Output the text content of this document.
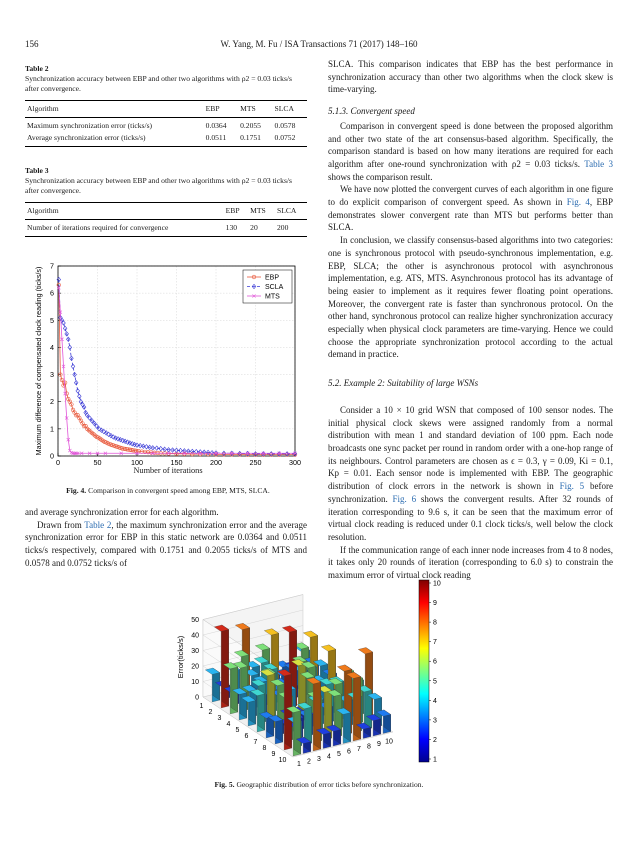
156	W. Yang, M. Fu / ISA Transactions 71 (2017) 148–160
Table 2
Synchronization accuracy between EBP and other two algorithms with ρ2 = 0.03 ticks/s after convergence.
Algorithm	EBP	MTS	SLCA
Maximum synchronization error (ticks/s)	0.0364	0.2055	0.0578
Average synchronization error (ticks/s)	0.0511	0.1751	0.0752
Table 3
Synchronization accuracy between EBP and other two algorithms with ρ2 = 0.03 ticks/s after convergence.
Algorithm	EBP	MTS	SLCA
Number of iterations required for convergence	130	20	200
0	50	100	150	200	250	300
0
1
2
3
4
5
6
7
EBP
SCLA
MTS
Maximum difference of compensated clock reading (ticks/s)
Number of iterations
Fig. 4. Comparison in convergent speed among EBP, MTS, SLCA.

and average synchronization error for each algorithm.

Drawn from Table 2, the maximum synchronization error and the average synchronization error for EBP in this static network are 0.0364 and 0.0511 ticks/s respectively, compared with 0.1751 and 0.2055 ticks/s of MTS and 0.0578 and 0.0752 ticks/s of

SLCA. This comparison indicates that EBP has the best performance in synchronization accuracy than other two algorithms when the clock skew is time-varying.

5.1.3. Convergent speed

Comparison in convergent speed is done between the proposed algorithm and other two state of the art consensus-based algorithm. Specifically, the comparison standard is based on how many iterations are required for each algorithm after one-round synchronization with ρ2 = 0.03 ticks/s. Table 3 shows the comparison result.

We have now plotted the convergent curves of each algorithm in one figure to do explicit comparison of convergent speed. As shown in Fig. 4, EBP demonstrates slower convergent rate than MTS but performs better than SLCA.

In conclusion, we classify consensus-based algorithms into two categories: one is synchronous protocol with pseudo-synchronous implementation, e.g. EBP, SLCA; the other is asynchronous protocol with asynchronous implementation, e.g. ATS, MTS. Asynchronous protocol has its advantage of being easier to implement as it requires fewer floating point operations. Moreover, the convergent rate is faster than synchronous protocol. On the other hand, synchronous protocol can realize higher synchronization accuracy especially when physical clock parameters are time-varying. Hence we could choose the appropriate synchronization protocol according to the actual demand in practice.

5.2. Example 2: Suitability of large WSNs

Consider a 10 × 10 grid WSN that composed of 100 sensor nodes. The initial physical clock skews were assigned randomly from a normal distribution with mean 1 and standard deviation of 100 ppm. Each node broadcasts one sync packet per round in random order with a one-hop range of its neighbours. Control parameters are chosen as ϵ = 0.3, γ = 0.09, Ki = 0.1, Kp = 0.01. Each sensor node is implemented with EBP. The geographic distribution of clock errors in the network is shown in Fig. 5 before synchronization. Fig. 6 shows the convergent results. After 32 rounds of iteration corresponding to 9.6 s, it can be seen that the maximum error of virtual clock reading is reduced under 0.1 clock ticks/s, well below the clock resolution.

If the communication range of each inner node increases from 4 to 8 nodes, it takes only 20 rounds of iteration (corresponding to 6.0 s) to constrain the maximum error of virtual clock reading

0
10
20
30
40
50
1
2
3
4
5
6
7
8
9
10
1 2 3 4 5 6 7 8 9 10
1
2
3
4
5
6
7
8
9
10
Error(ticks/s)
Fig. 5. Geographic distribution of error ticks before synchronization.
